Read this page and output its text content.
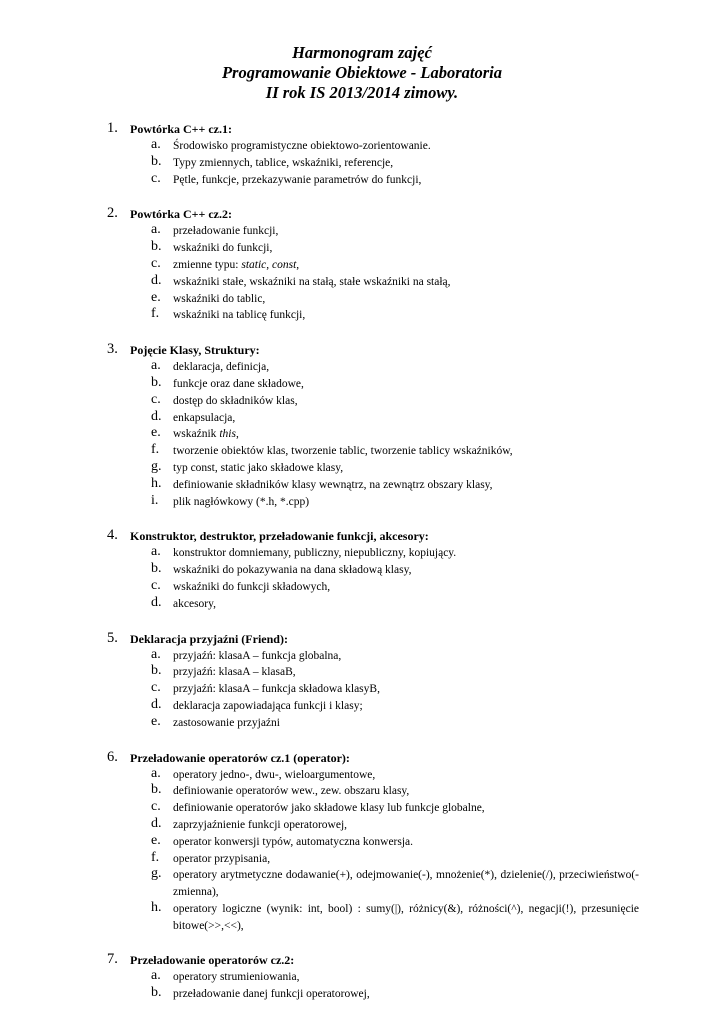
Harmonogram zajęć
Programowanie Obiektowe - Laboratoria
II rok IS 2013/2014 zimowy.
1. Powtórka C++ cz.1:
a. Środowisko programistyczne obiektowo-zorientowanie.
b. Typy zmiennych, tablice, wskaźniki, referencje,
c. Pętle, funkcje, przekazywanie parametrów do funkcji,
2. Powtórka C++ cz.2:
a. przeładowanie funkcji,
b. wskaźniki do funkcji,
c. zmienne typu: static, const,
d. wskaźniki stałe, wskaźniki na stałą, stałe wskaźniki na stałą,
e. wskaźniki do tablic,
f. wskaźniki na tablicę funkcji,
3. Pojęcie Klasy, Struktury:
a. deklaracja, definicja,
b. funkcje oraz dane składowe,
c. dostęp do składników klas,
d. enkapsulacja,
e. wskaźnik this,
f. tworzenie obiektów klas, tworzenie tablic, tworzenie tablicy wskaźników,
g. typ const, static jako składowe klasy,
h. definiowanie składników klasy wewnątrz, na zewnątrz obszary klasy,
i. plik nagłówkowy (*.h, *.cpp)
4. Konstruktor, destruktor, przeładowanie funkcji, akcesory:
a. konstruktor domniemany, publiczny, niepubliczny, kopiujący.
b. wskaźniki do pokazywania na dana składową klasy,
c. wskaźniki do funkcji składowych,
d. akcesory,
5. Deklaracja przyjaźni (Friend):
a. przyjaźń: klasaA – funkcja globalna,
b. przyjaźń: klasaA – klasaB,
c. przyjaźń: klasaA – funkcja składowa klasyB,
d. deklaracja zapowiadająca funkcji i klasy;
e. zastosowanie przyjaźni
6. Przeładowanie operatorów cz.1 (operator):
a. operatory jedno-, dwu-, wieloargumentowe,
b. definiowanie operatorów wew., zew. obszaru klasy,
c. definiowanie operatorów jako składowe klasy lub funkcje globalne,
d. zaprzyjaźnienie funkcji operatorowej,
e. operator konwersji typów, automatyczna konwersja.
f. operator przypisania,
g. operatory arytmetyczne dodawanie(+), odejmowanie(-), mnożenie(*), dzielenie(/), przeciwieństwo(-zmienna),
h. operatory logiczne (wynik: int, bool) : sumy(|), różnicy(&), różności(^), negacji(!), przesunięcie bitowe(>>,<<),
7. Przeładowanie operatorów cz.2:
a. operatory strumieniowania,
b. przeładowanie danej funkcji operatorowej,
